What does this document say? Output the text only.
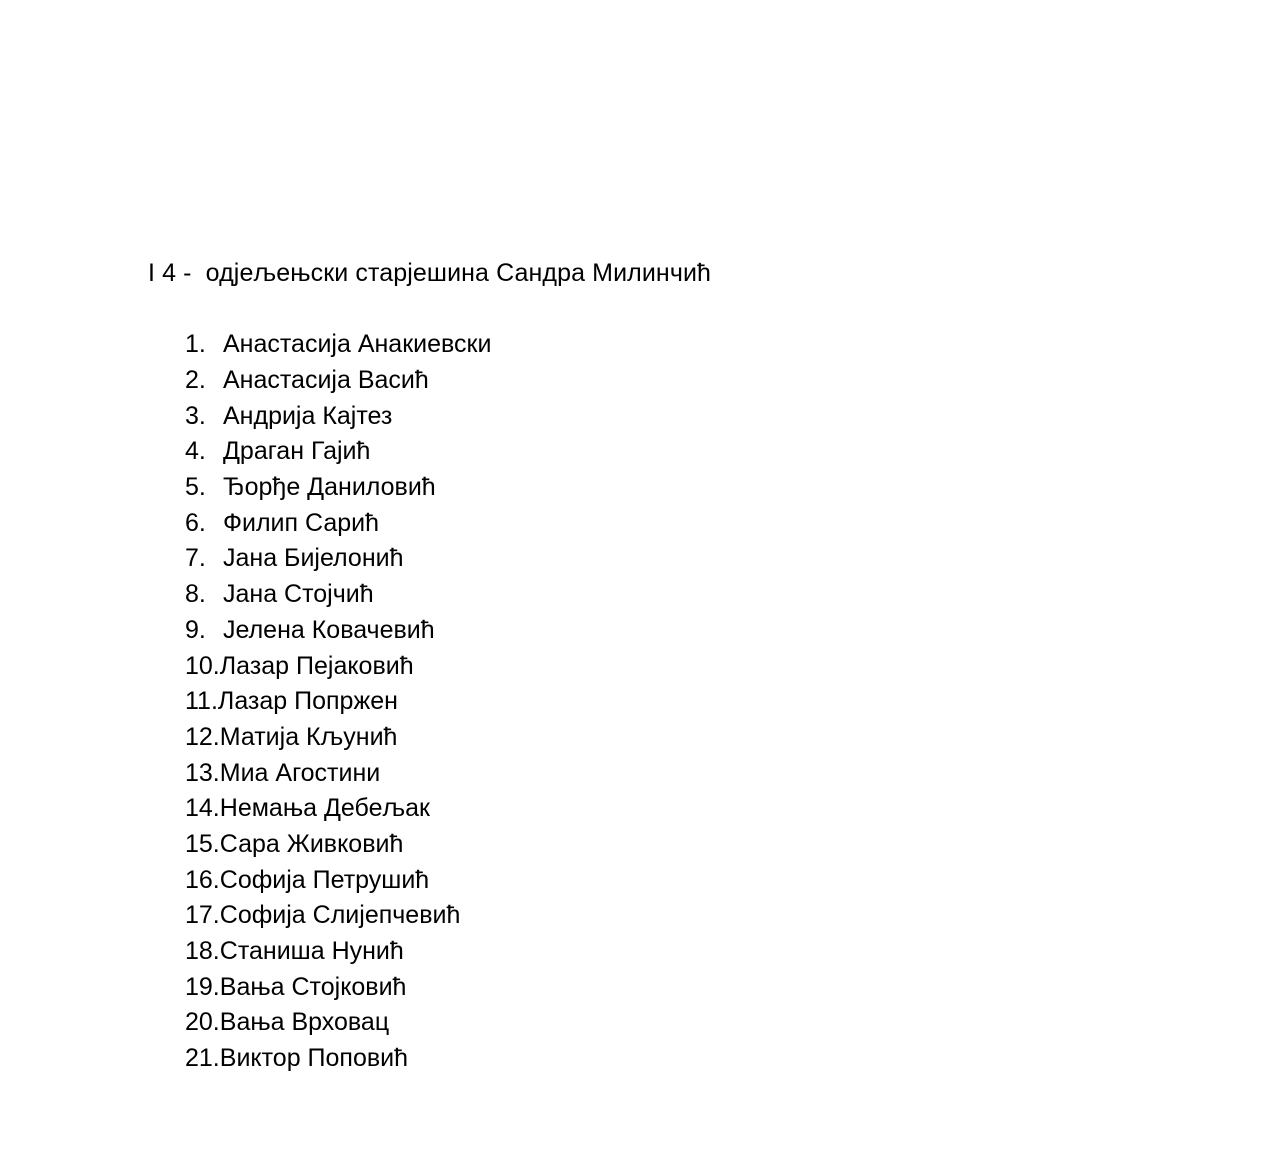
I 4 -  одјељењски старјешина Сандра Милинчић
1. Анастасија Анакиевски
2. Анастасија Васић
3. Андрија Кајтез
4. Драган Гајић
5. Ђорђе Даниловић
6. Филип Сарић
7. Јана Бијелонић
8. Јана Стојчић
9. Јелена Ковачевић
10. Лазар Пејаковић
11. Лазар Попржен
12. Матија Кљунић
13. Миа Агостини
14. Немања Дебељак
15. Сара Живковић
16. Софија Петрушић
17. Софија Слијепчевић
18. Станиша Нунић
19. Вања Стојковић
20. Вања Врховац
21. Виктор Поповић
